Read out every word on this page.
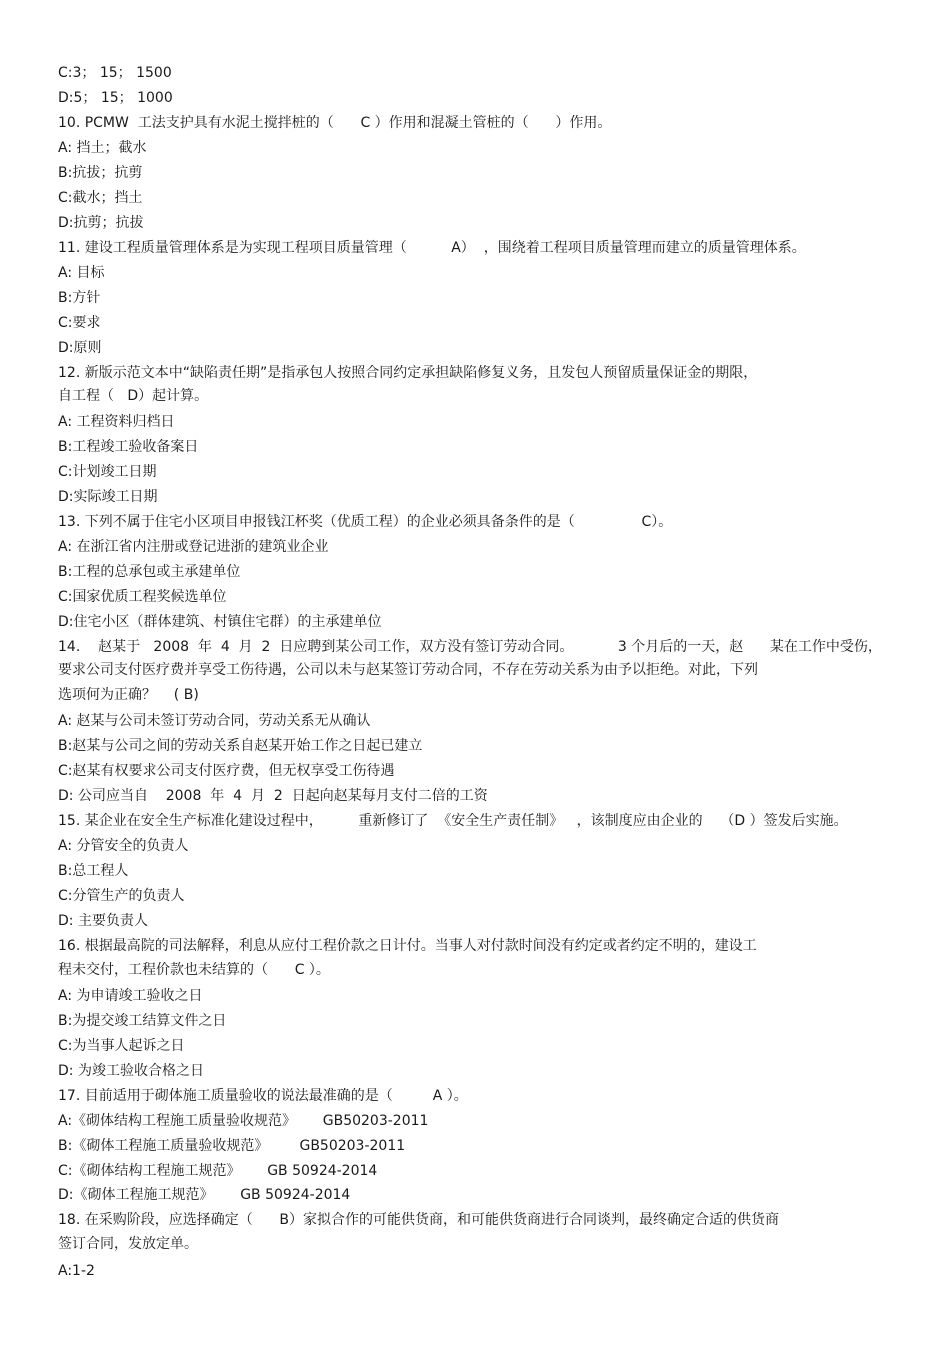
C:3； 15； 1500

D:5； 15； 1000

10. PCMW  工法支护具有水泥土搅拌桩的（      C ）作用和混凝土管桩的（      ）作用。

A: 挡土；截水

B:抗拔；抗剪

C:截水；挡土

D:抗剪；抗拔

11. 建设工程质量管理体系是为实现工程项目质量管理（          A）  ，围绕着工程项目质量管理而建立的质量管理体系。

A: 目标

B:方针

C:要求

D:原则

12. 新版示范文本中“缺陷责任期”是指承包人按照合同约定承担缺陷修复义务，且发包人预留质量保证金的期限，

自工程（   D）起计算。

A: 工程资料归档日

B:工程竣工验收备案日

C:计划竣工日期

D:实际竣工日期

13. 下列不属于住宅小区项目申报钱江杯奖（优质工程）的企业必须具备条件的是（               C）。

A: 在浙江省内注册或登记进浙的建筑业企业

B:工程的总承包或主承建单位

C:国家优质工程奖候选单位

D:住宅小区（群体建筑、村镇住宅群）的主承建单位

14.    赵某于   2008  年  4  月  2  日应聘到某公司工作，双方没有签订劳动合同。          3 个月后的一天，赵      某在工作中受伤，

要求公司支付医疗费并享受工伤待遇，公司以未与赵某签订劳动合同，不存在劳动关系为由予以拒绝。对此，下列

选项何为正确？    ( B)

A: 赵某与公司未签订劳动合同，劳动关系无从确认

B:赵某与公司之间的劳动关系自赵某开始工作之日起已建立

C:赵某有权要求公司支付医疗费，但无权享受工伤待遇

D: 公司应当自    2008  年  4  月  2  日起向赵某每月支付二倍的工资

15. 某企业在安全生产标准化建设过程中，        重新修订了  《安全生产责任制》   ，该制度应由企业的    （D ）签发后实施。

A: 分管安全的负责人

B:总工程人

C:分管生产的负责人

D: 主要负责人

16. 根据最高院的司法解释，利息从应付工程价款之日计付。当事人对付款时间没有约定或者约定不明的，建设工

程未交付，工程价款也未结算的（      C ）。

A: 为申请竣工验收之日

B:为提交竣工结算文件之日

C:为当事人起诉之日

D: 为竣工验收合格之日

17. 目前适用于砌体施工质量验收的说法最准确的是（         A ）。

A:《砌体结构工程施工质量验收规范》      GB50203-2011

B:《砌体工程施工质量验收规范》       GB50203-2011

C:《砌体结构工程施工规范》      GB 50924-2014

D:《砌体工程施工规范》      GB 50924-2014

18. 在采购阶段，应选择确定（      B）家拟合作的可能供货商，和可能供货商进行合同谈判，最终确定合适的供货商

签订合同，发放定单。

A:1-2
